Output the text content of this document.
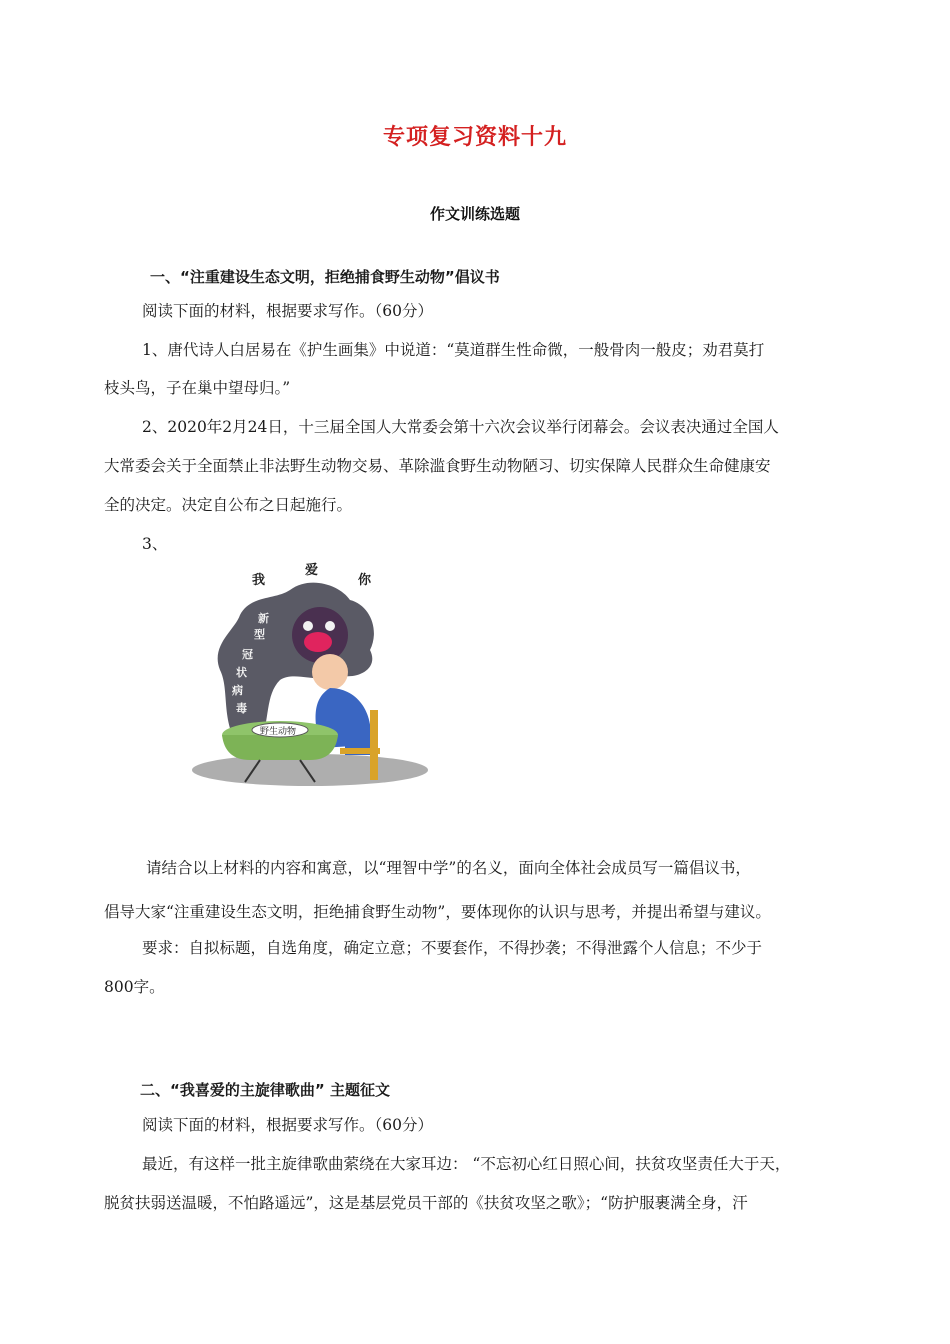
专项复习资料十九
作文训练选题
一、“注重建设生态文明，拒绝捕食野生动物”倡议书
阅读下面的材料，根据要求写作。（60分）
1、唐代诗人白居易在《护生画集》中说道：“莫道群生性命微，一般骨肉一般皮；劝君莫打
枝头鸟，子在巢中望母归。”
2、2020年2月24日，十三届全国人大常委会第十六次会议举行闭幕会。会议表决通过全国人
大常委会关于全面禁止非法野生动物交易、革除滥食野生动物陋习、切实保障人民群众生命健康安
全的决定。决定自公布之日起施行。
3、
我
爱
你
新
型
冠
状
病
毒
野生动物
请结合以上材料的内容和寓意，以“理智中学”的名义，面向全体社会成员写一篇倡议书，
倡导大家“注重建设生态文明，拒绝捕食野生动物”，要体现你的认识与思考，并提出希望与建议。
要求：自拟标题，自选角度，确定立意；不要套作，不得抄袭；不得泄露个人信息；不少于
800字。
二、“我喜爱的主旋律歌曲” 主题征文
阅读下面的材料，根据要求写作。（60分）
最近，有这样一批主旋律歌曲萦绕在大家耳边： “不忘初心红日照心间，扶贫攻坚责任大于天，
脱贫扶弱送温暖，不怕路遥远”，这是基层党员干部的《扶贫攻坚之歌》；“防护服裹满全身，汗
